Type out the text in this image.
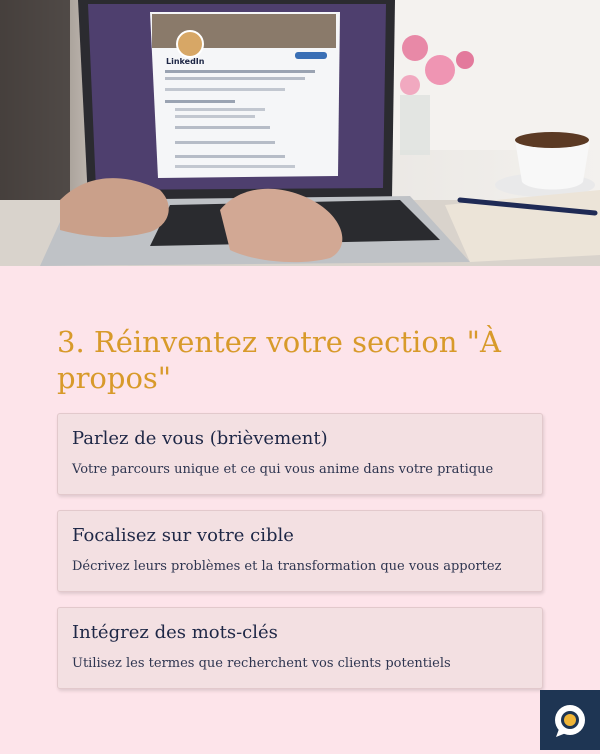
LinkedIn
3. Réinventez votre section "À propos"

Parlez de vous (brièvement)

Votre parcours unique et ce qui vous anime dans votre pratique

Focalisez sur votre cible

Décrivez leurs problèmes et la transformation que vous apportez

Intégrez des mots-clés

Utilisez les termes que recherchent vos clients potentiels
